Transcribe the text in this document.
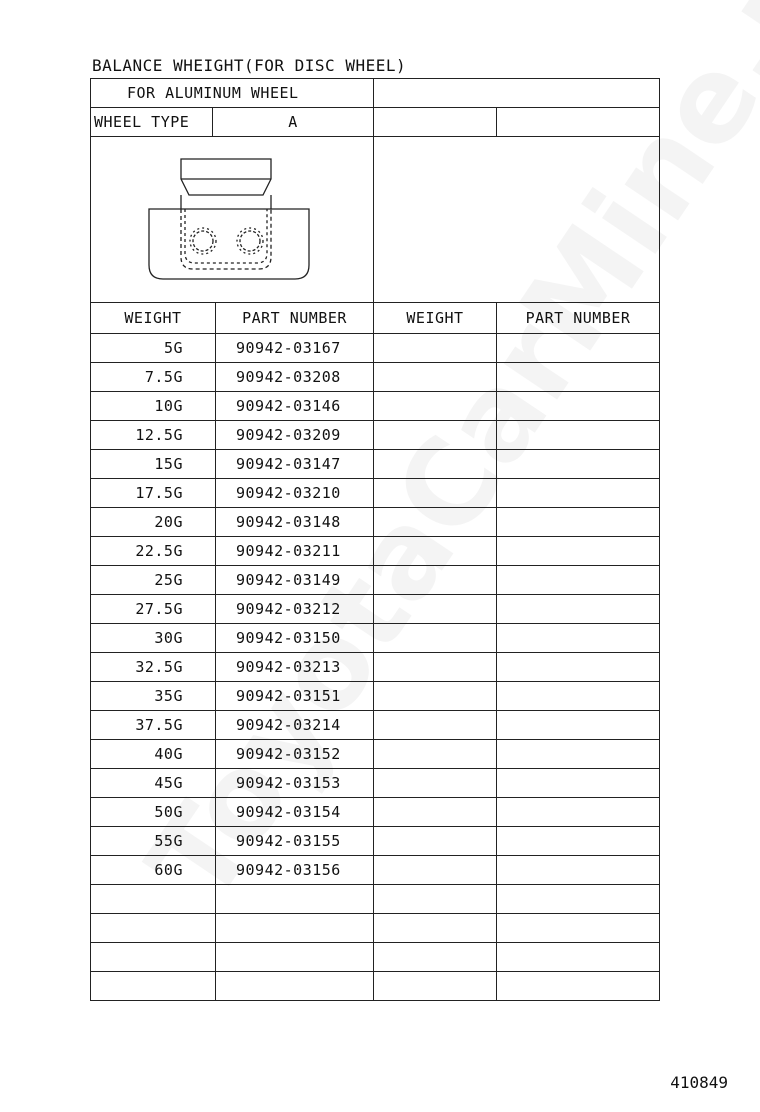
BALANCE WHEIGHT(FOR DISC WHEEL)
FOR ALUMINUM WHEEL
WHEEL TYPE	A
WEIGHT	PART NUMBER	WEIGHT	PART NUMBER
5G	90942-03167
7.5G	90942-03208
10G	90942-03146
12.5G	90942-03209
15G	90942-03147
17.5G	90942-03210
20G	90942-03148
22.5G	90942-03211
25G	90942-03149
27.5G	90942-03212
30G	90942-03150
32.5G	90942-03213
35G	90942-03151
37.5G	90942-03214
40G	90942-03152
45G	90942-03153
50G	90942-03154
55G	90942-03155
60G	90942-03156
410849
